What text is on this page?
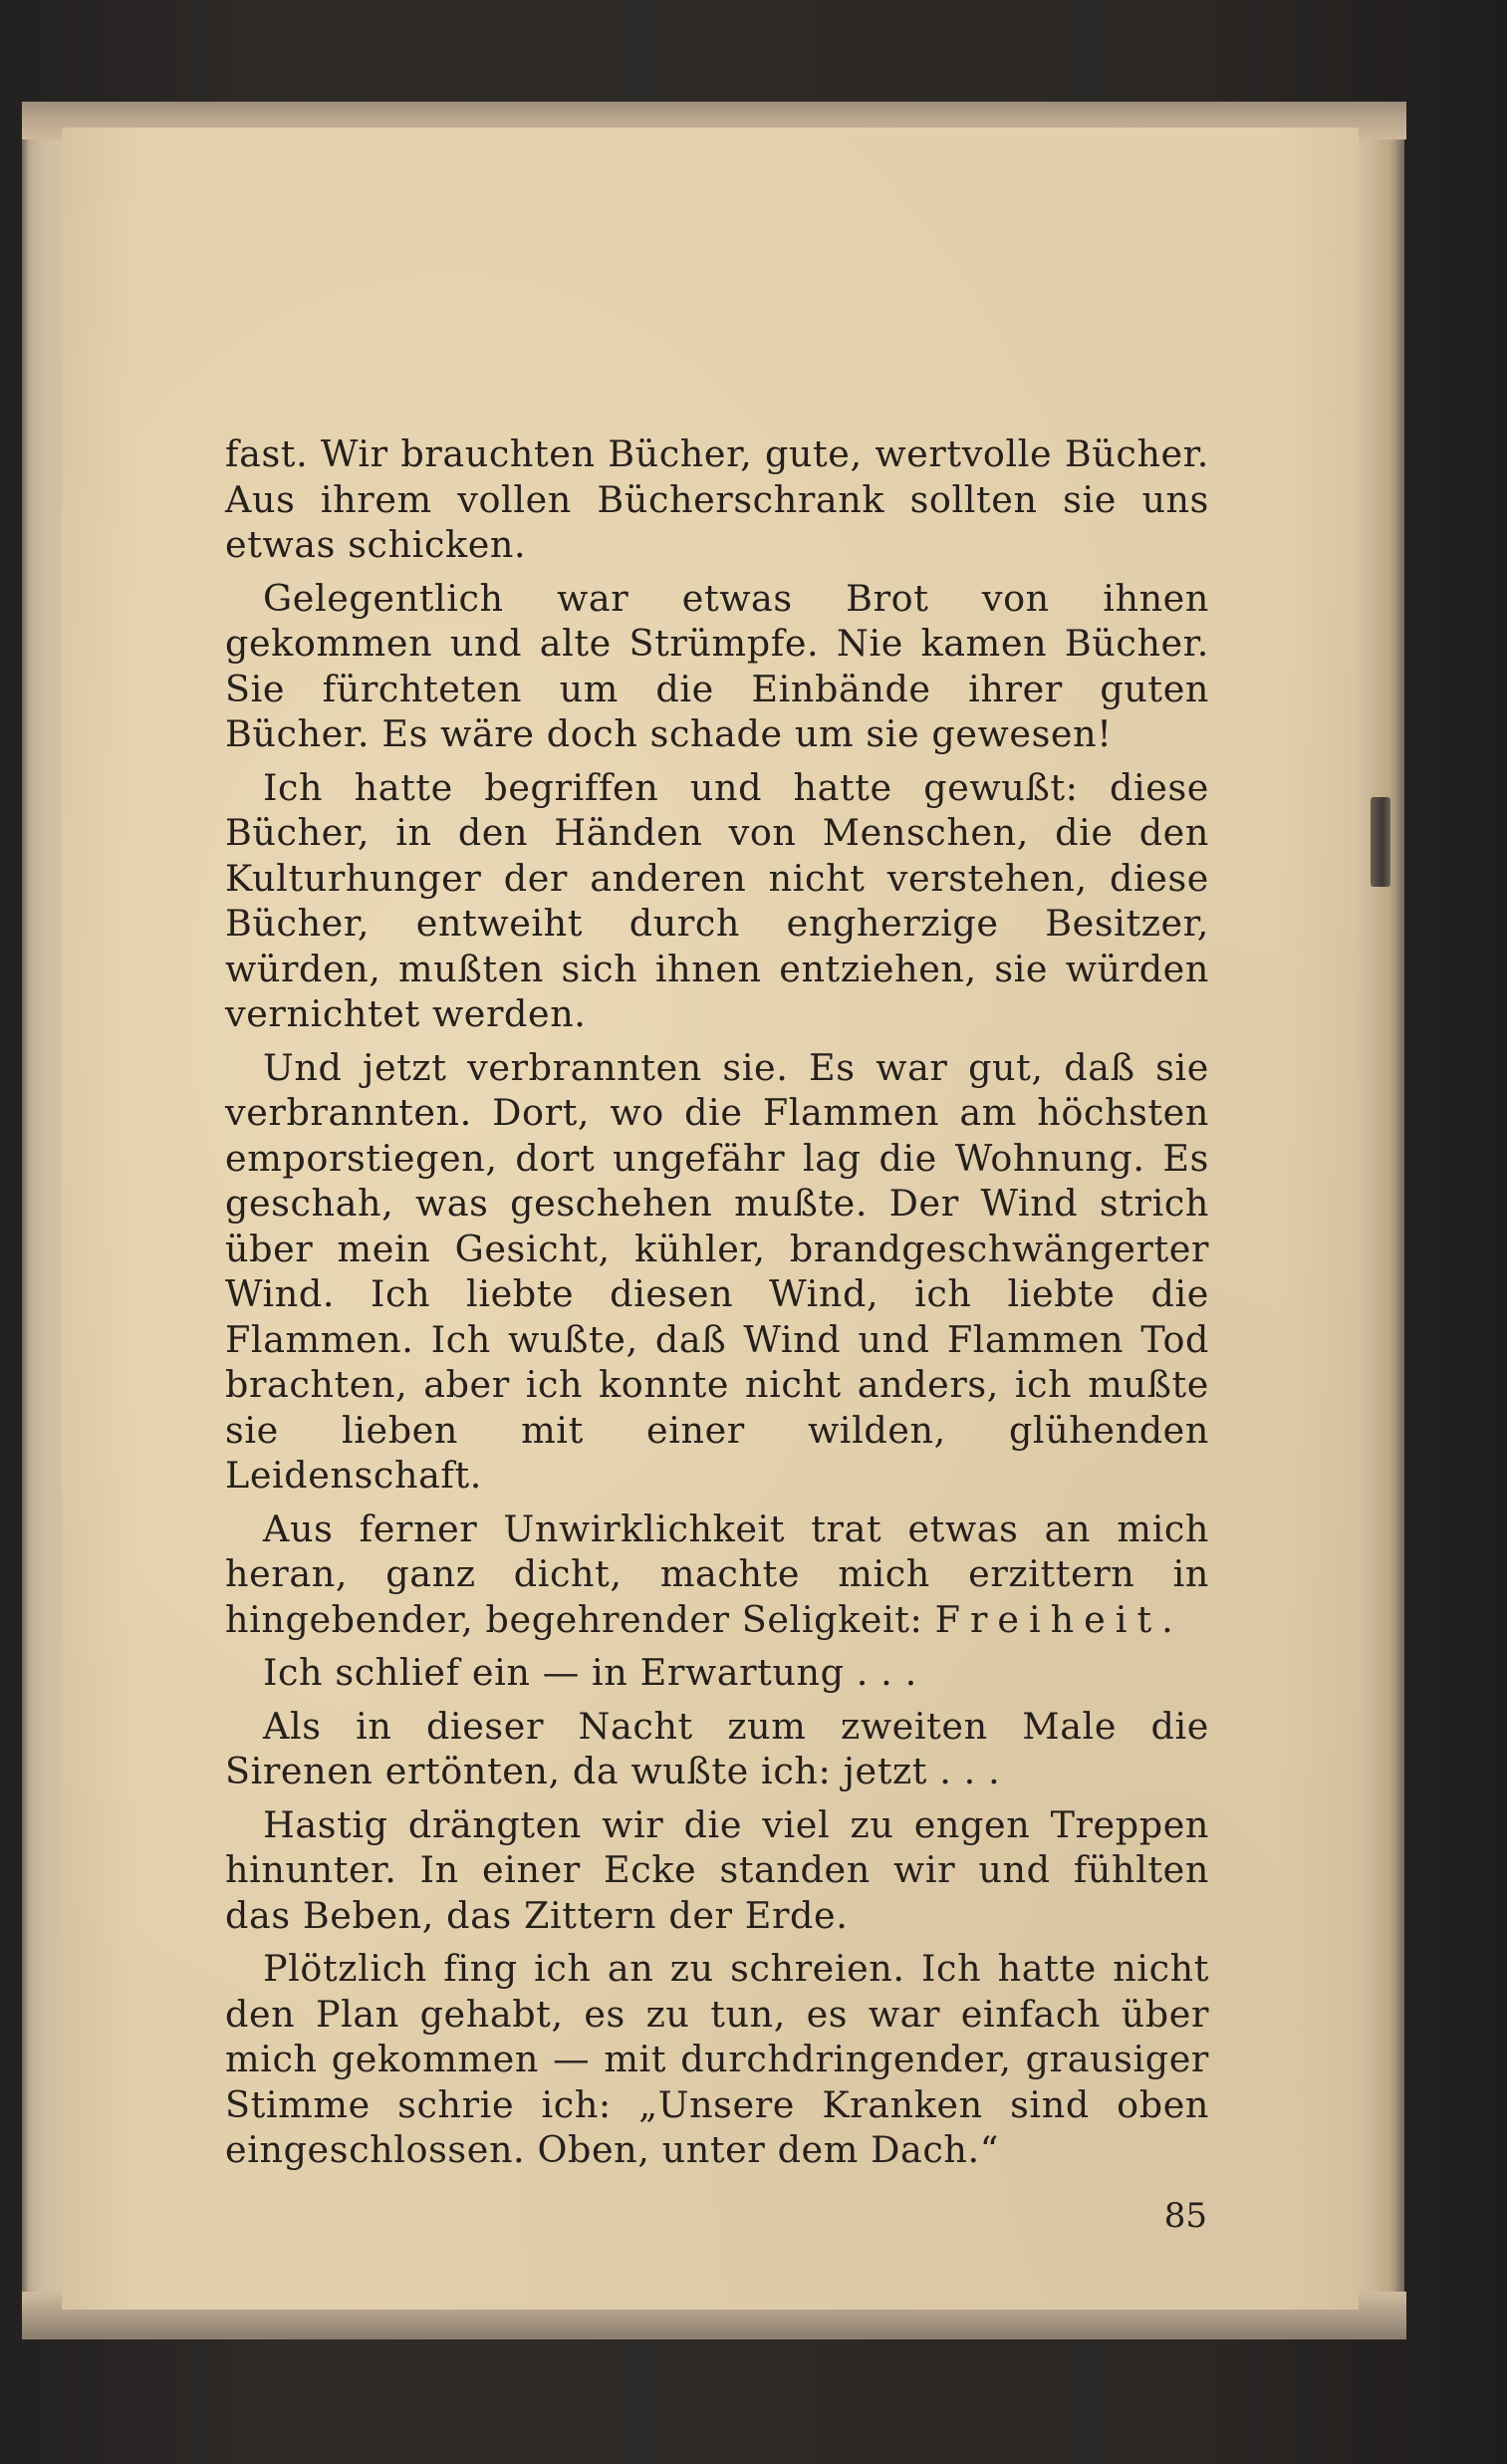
fast. Wir brauchten Bücher, gute, wertvolle Bücher. Aus ihrem vollen Bücherschrank sollten sie uns etwas schicken.

Gelegentlich war etwas Brot von ihnen gekommen und alte Strümpfe. Nie kamen Bücher. Sie fürchteten um die Einbände ihrer guten Bücher. Es wäre doch schade um sie gewesen!

Ich hatte begriffen und hatte gewußt: diese Bücher, in den Händen von Menschen, die den Kulturhunger der anderen nicht verstehen, diese Bücher, entweiht durch engherzige Besitzer, würden, mußten sich ihnen entziehen, sie würden vernichtet werden.

Und jetzt verbrannten sie. Es war gut, daß sie verbrannten. Dort, wo die Flammen am höchsten emporstiegen, dort ungefähr lag die Wohnung. Es geschah, was geschehen mußte. Der Wind strich über mein Gesicht, kühler, brandgeschwängerter Wind. Ich liebte diesen Wind, ich liebte die Flammen. Ich wußte, daß Wind und Flammen Tod brachten, aber ich konnte nicht anders, ich mußte sie lieben mit einer wilden, glühenden Leidenschaft.

Aus ferner Unwirklichkeit trat etwas an mich heran, ganz dicht, machte mich erzittern in hingebender, begehrender Seligkeit: Freiheit.

Ich schlief ein — in Erwartung . . .

Als in dieser Nacht zum zweiten Male die Sirenen ertönten, da wußte ich: jetzt . . .

Hastig drängten wir die viel zu engen Treppen hinunter. In einer Ecke standen wir und fühlten das Beben, das Zittern der Erde.

Plötzlich fing ich an zu schreien. Ich hatte nicht den Plan gehabt, es zu tun, es war einfach über mich gekommen — mit durchdringender, grausiger Stimme schrie ich: „Unsere Kranken sind oben eingeschlossen. Oben, unter dem Dach.“

85
